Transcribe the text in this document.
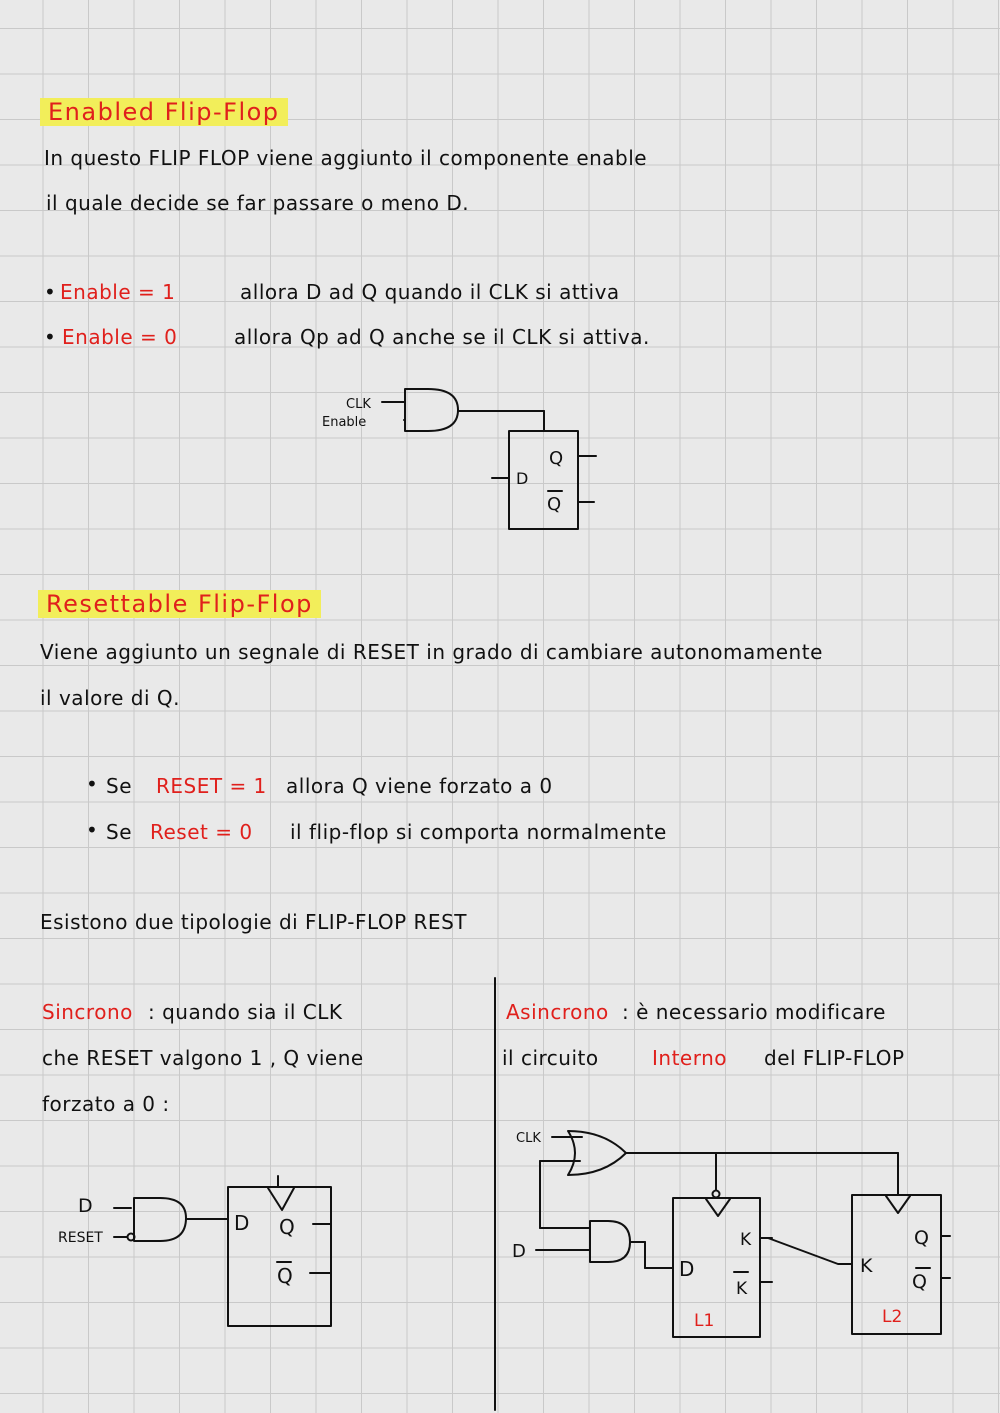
Enabled Flip-Flop
In questo FLIP FLOP viene aggiunto il componente enable
il quale decide se far passare o meno D.
• Enable = 1	allora D ad Q quando il CLK si attiva
• Enable = 0	allora Qp ad Q anche se il CLK si attiva.
Resettable Flip-Flop
Viene aggiunto un segnale di RESET in grado di cambiare autonomamente
il valore di Q.
• Se RESET = 1 allora Q viene forzato a 0
• Se Reset = 0 il flip-flop si comporta normalmente
Esistono due tipologie di FLIP-FLOP REST
Sincrono : quando sia il CLK
che RESET valgono 1 , Q viene
forzato a 0 :
Asincrono : è necessario modificare
il circuito	Interno del FLIP-FLOP
CLK
Enable
D
Q
Q
D
RESET
D Q
Q
CLK
D
D
K
K
L1
K
Q
Q
L2
